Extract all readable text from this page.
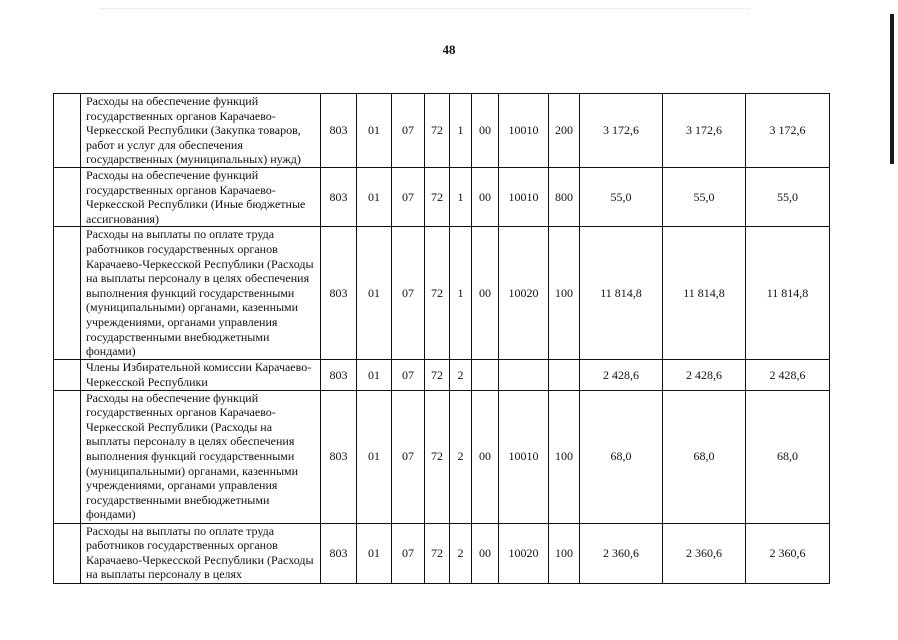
48
	Расходы на обеспечение функций государственных органов Карачаево-Черкесской Республики (Закупка товаров, работ и услуг для обеспечения государственных (муниципальных) нужд)	803	01	07	72	1	00	10010	200	3 172,6	3 172,6	3 172,6
	Расходы на обеспечение функций государственных органов Карачаево-Черкесской Республики (Иные бюджетные ассигнования)	803	01	07	72	1	00	10010	800	55,0	55,0	55,0
	Расходы на выплаты по оплате труда работников государственных органов Карачаево-Черкесской Республики (Расходы на выплаты персоналу в целях обеспечения выполнения функций государственными (муниципальными) органами, казенными учреждениями, органами управления государственными внебюджетными фондами)	803	01	07	72	1	00	10020	100	11 814,8	11 814,8	11 814,8
	Члены Избирательной комиссии Карачаево-Черкесской Республики	803	01	07	72	2				2 428,6	2 428,6	2 428,6
	Расходы на обеспечение функций государственных органов Карачаево-Черкесской Республики (Расходы на выплаты персоналу в целях обеспечения выполнения функций государственными (муниципальными) органами, казенными учреждениями, органами управления государственными внебюджетными фондами)	803	01	07	72	2	00	10010	100	68,0	68,0	68,0
	Расходы на выплаты по оплате труда работников государственных органов Карачаево-Черкесской Республики (Расходы на выплаты персоналу в целях	803	01	07	72	2	00	10020	100	2 360,6	2 360,6	2 360,6
